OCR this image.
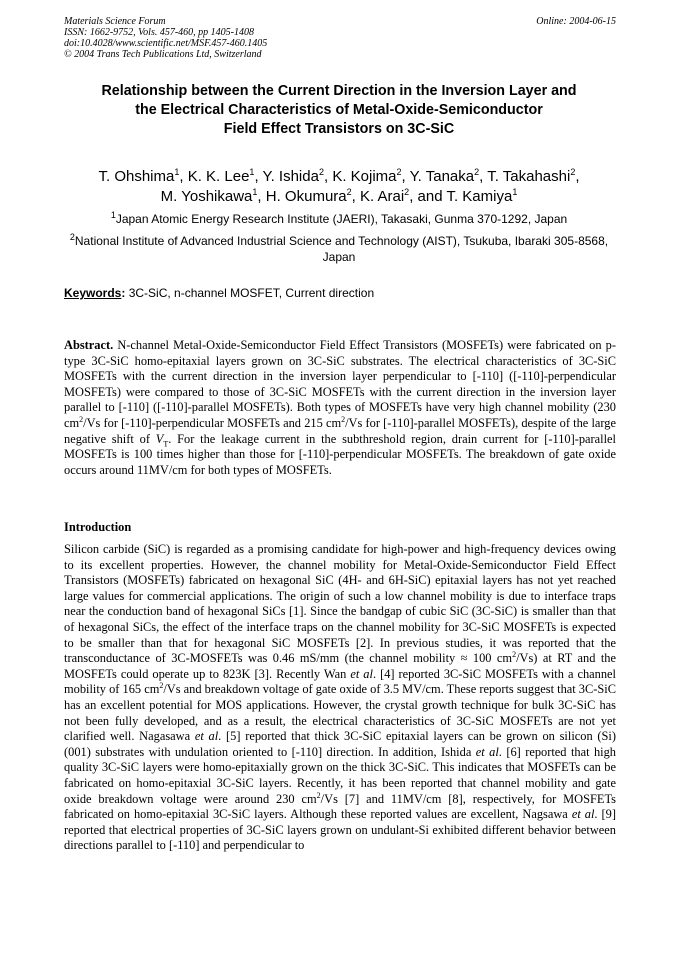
Materials Science Forum
ISSN: 1662-9752, Vols. 457-460, pp 1405-1408
doi:10.4028/www.scientific.net/MSF.457-460.1405
© 2004 Trans Tech Publications Ltd, Switzerland
Online: 2004-06-15
Relationship between the Current Direction in the Inversion Layer and
the Electrical Characteristics of Metal-Oxide-Semiconductor
Field Effect Transistors on 3C-SiC
T. Ohshima$^1$, K. K. Lee$^1$, Y. Ishida$^2$, K. Kojima$^2$, Y. Tanaka$^2$, T. Takahashi$^2$,
M. Yoshikawa$^1$, H. Okumura$^2$, K. Arai$^2$, and T. Kamiya$^1$
$^1$Japan Atomic Energy Research Institute (JAERI), Takasaki, Gunma 370-1292, Japan
$^2$National Institute of Advanced Industrial Science and Technology (AIST), Tsukuba, Ibaraki 305-8568, Japan
Keywords: 3C-SiC, n-channel MOSFET, Current direction
Abstract. N-channel Metal-Oxide-Semiconductor Field Effect Transistors (MOSFETs) were fabricated on p-type 3C-SiC homo-epitaxial layers grown on 3C-SiC substrates. The electrical characteristics of 3C-SiC MOSFETs with the current direction in the inversion layer perpendicular to [-110] ([-110]-perpendicular MOSFETs) were compared to those of 3C-SiC MOSFETs with the current direction in the inversion layer parallel to [-110] ([-110]-parallel MOSFETs). Both types of MOSFETs have very high channel mobility (230 $cm^2/Vs$ for [-110]-perpendicular MOSFETs and 215 $cm^2/Vs$ for [-110]-parallel MOSFETs), despite of the large negative shift of $V_T$. For the leakage current in the subthreshold region, drain current for [-110]-parallel MOSFETs is 100 times higher than those for [-110]-perpendicular MOSFETs. The breakdown of gate oxide occurs around 11MV/cm for both types of MOSFETs.
Introduction
Silicon carbide (SiC) is regarded as a promising candidate for high-power and high-frequency devices owing to its excellent properties. However, the channel mobility for Metal-Oxide-Semiconductor Field Effect Transistors (MOSFETs) fabricated on hexagonal SiC (4H- and 6H-SiC) epitaxial layers has not yet reached large values for commercial applications. The origin of such a low channel mobility is due to interface traps near the conduction band of hexagonal SiCs [1]. Since the bandgap of cubic SiC (3C-SiC) is smaller than that of hexagonal SiCs, the effect of the interface traps on the channel mobility for 3C-SiC MOSFETs is expected to be smaller than that for hexagonal SiC MOSFETs [2]. In previous studies, it was reported that the transconductance of 3C-MOSFETs was 0.46 mS/mm (the channel mobility ≈ 100 $cm^2/Vs$) at RT and the MOSFETs could operate up to 823K [3]. Recently Wan et al. [4] reported 3C-SiC MOSFETs with a channel mobility of 165 $cm^2/Vs$ and breakdown voltage of gate oxide of 3.5 MV/cm. These reports suggest that 3C-SiC has an excellent potential for MOS applications. However, the crystal growth technique for bulk 3C-SiC has not been fully developed, and as a result, the electrical characteristics of 3C-SiC MOSFETs are not yet clarified well. Nagasawa et al. [5] reported that thick 3C-SiC epitaxial layers can be grown on silicon (Si) (001) substrates with undulation oriented to [-110] direction. In addition, Ishida et al. [6] reported that high quality 3C-SiC layers were homo-epitaxially grown on the thick 3C-SiC. This indicates that MOSFETs can be fabricated on homo-epitaxial 3C-SiC layers. Recently, it has been reported that channel mobility and gate oxide breakdown voltage were around 230 $cm^2/Vs$ [7] and 11MV/cm [8], respectively, for MOSFETs fabricated on homo-epitaxial 3C-SiC layers. Although these reported values are excellent, Nagsawa et al. [9] reported that electrical properties of 3C-SiC layers grown on undulant-Si exhibited different behavior between directions parallel to [-110] and perpendicular to
